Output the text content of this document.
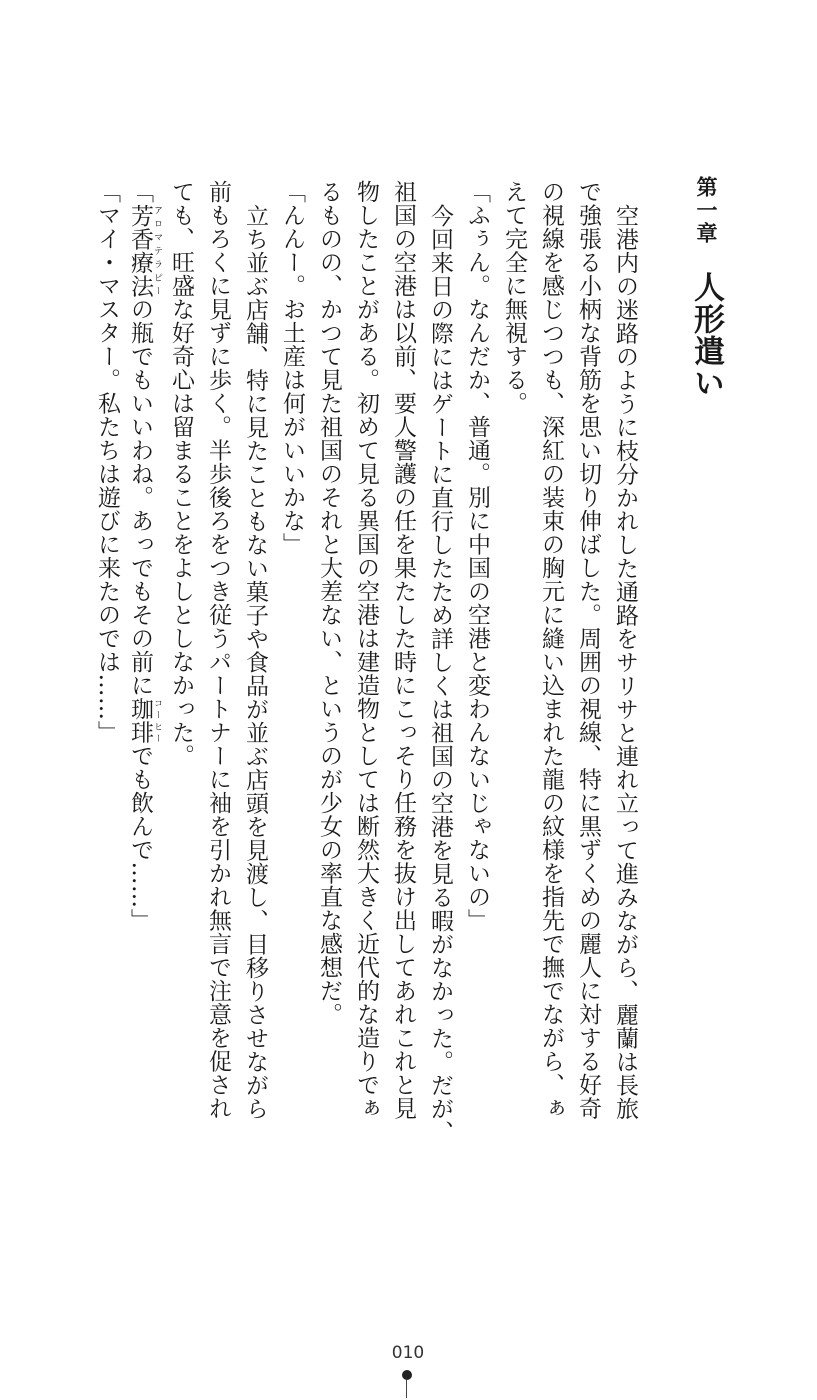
第一章人形遣い
空港内の迷路のように枝分かれした通路をサリサと連れ立って進みながら、麗蘭は長旅
で強張る小柄な背筋を思い切り伸ばした。周囲の視線、特に黒ずくめの麗人に対する好奇
の視線を感じつつも、深紅の装束の胸元に縫い込まれた龍の紋様を指先で撫でながら、ぁ
えて完全に無視する。
「ふぅん。なんだか、普通。別に中国の空港と変わんないじゃないの」
今回来日の際にはゲートに直行したため詳しくは祖国の空港を見る暇がなかった。だが、
祖国の空港は以前、要人警護の任を果たした時にこっそり任務を抜け出してあれこれと見
物したことがある。初めて見る異国の空港は建造物としては断然大きく近代的な造りでぁ
るものの、かつて見た祖国のそれと大差ない、というのが少女の率直な感想だ。
「んんー。お土産は何がいいかな」
立ち並ぶ店舗、特に見たこともない菓子や食品が並ぶ店頭を見渡し、目移りさせながら
前もろくに見ずに歩く。半歩後ろをつき従うパートナーに袖を引かれ無言で注意を促され
ても、旺盛な好奇心は留まることをよしとしなかった。
「芳香療法 アロマテラピーの瓶でもいいわね。あっでもその前に珈琲 コーヒーでも飲んで……」
「マイ・マスター。私たちは遊びに来たのでは……」
010
